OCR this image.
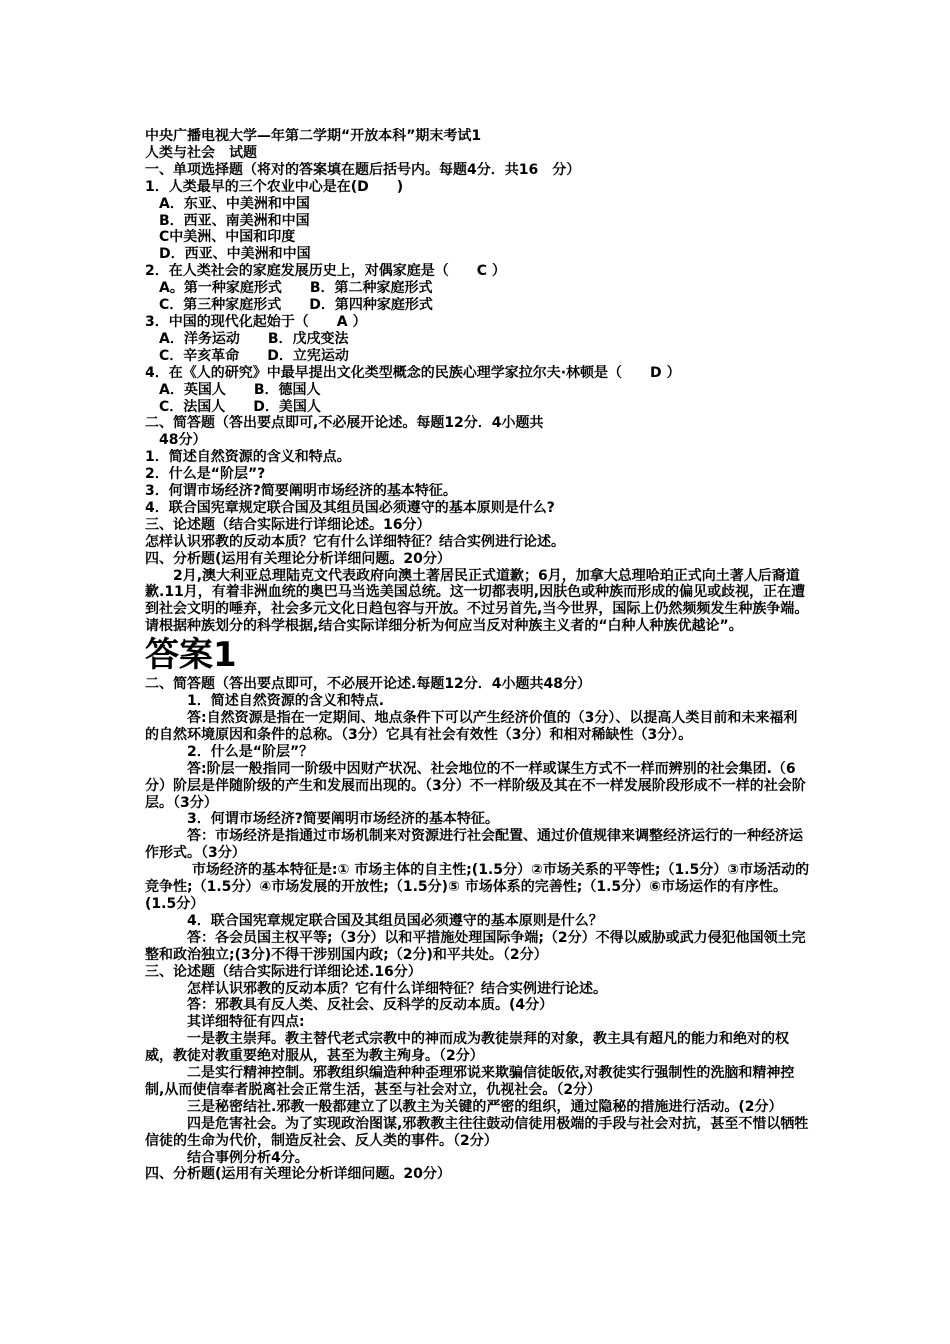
中央广播电视大学—年第二学期“开放本科”期末考试1
人类与社会　试题
一、单项选择题（将对的答案填在题后括号内。每题4分．共16　分）
1．人类最早的三个农业中心是在(D　　)
　A．东亚、中美洲和中国
　B．西亚、南美洲和中国
　C中美洲、中国和印度
　D．西亚、中美洲和中国
2．在人类社会的家庭发展历史上，对偶家庭是（　　C ）
　A。第一种家庭形式　　B．第二种家庭形式
　C．第三种家庭形式　　D．第四种家庭形式
3．中国的现代化起始于（　　A ）
　A．洋务运动　　B．戊戌变法
　C．辛亥革命　　D．立宪运动
4．在《人的研究》中最早提出文化类型概念的民族心理学家拉尔夫·林顿是（　　D ）
　A．英国人　　B．德国人
　C．法国人　　D．美国人
二、简答题（答出要点即可,不必展开论述。每题12分．4小题共
　48分）
1．简述自然资源的含义和特点。
2．什么是“阶层”?
3．何谓市场经济?简要阐明市场经济的基本特征。
4．联合国宪章规定联合国及其组员国必须遵守的基本原则是什么?
三、论述题（结合实际进行详细论述。16分）
怎样认识邪教的反动本质？它有什么详细特征？结合实例进行论述。
四、分析题(运用有关理论分析详细问题。20分）
　　2月,澳大利亚总理陆克文代表政府向澳土著居民正式道歉；6月，加拿大总理哈珀正式向土著人后裔道歉.11月，有着非洲血统的奥巴马当选美国总统。这一切都表明,因肤色或种族而形成的偏见或歧视，正在遭到社会文明的唾弃，社会多元文化日趋包容与开放。不过另首先,当今世界，国际上仍然频频发生种族争端。请根据种族划分的科学根据,结合实际详细分析为何应当反对种族主义者的“白种人种族优越论”。
答案1
二、简答题（答出要点即可，不必展开论述.每题12分．4小题共48分）
　　　1．简述自然资源的含义和特点.
　　　答:自然资源是指在一定期间、地点条件下可以产生经济价值的（3分）、以提高人类目前和未来福利的自然环境原因和条件的总称。（3分）它具有社会有效性（3分）和相对稀缺性（3分）。
　　　2．什么是“阶层”？
　　　答:阶层一般指同一阶级中因财产状况、社会地位的不一样或谋生方式不一样而辨别的社会集团.（6分）阶层是伴随阶级的产生和发展而出现的。（3分）不一样阶级及其在不一样发展阶段形成不一样的社会阶层。（3分）
　　　3．何谓市场经济?简要阐明市场经济的基本特征。
　　　答：市场经济是指通过市场机制来对资源进行社会配置、通过价值规律来调整经济运行的一种经济运作形式。（3分）
　　　 市场经济的基本特征是:① 市场主体的自主性;(1.5分）②市场关系的平等性;（1.5分）③市场活动的竞争性;（1.5分）④市场发展的开放性;（1.5分)⑤ 市场体系的完善性;（1.5分）⑥市场运作的有序性。(1.5分）
　　　4．联合国宪章规定联合国及其组员国必须遵守的基本原则是什么？
　　　答：各会员国主权平等;（3分）以和平措施处理国际争端;（2分）不得以威胁或武力侵犯他国领土完整和政治独立;(3分)不得干涉别国内政;（2分)和平共处。（2分）
三、论述题（结合实际进行详细论述.16分）
　　　怎样认识邪教的反动本质？它有什么详细特征？结合实例进行论述。
　　　答：邪教具有反人类、反社会、反科学的反动本质。(4分）
　　　其详细特征有四点:
　　　一是教主崇拜。教主替代老式宗教中的神而成为教徒崇拜的对象，教主具有超凡的能力和绝对的权威，教徒对教重要绝对服从，甚至为教主殉身。（2分）
　　　二是实行精神控制。邪教组织编造种种歪理邪说来欺骗信徒皈依,对教徒实行强制性的洗脑和精神控制,从而使信奉者脱离社会正常生活，甚至与社会对立，仇视社会。（2分）
　　　三是秘密结社.邪教一般都建立了以教主为关键的严密的组织，通过隐秘的措施进行活动。(2分）
　　　四是危害社会。为了实现政治图谋,邪教教主往往鼓动信徒用极端的手段与社会对抗，甚至不惜以牺牲信徒的生命为代价，制造反社会、反人类的事件。（2分）
　　　结合事例分析4分。
四、分析题(运用有关理论分析详细问题。20分）
